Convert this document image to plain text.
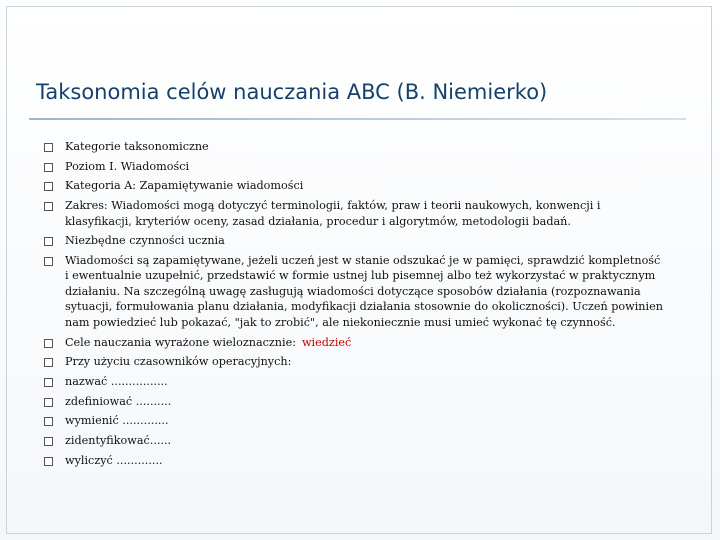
Taksonomia celów nauczania ABC (B. Niemierko)
Kategorie taksonomiczne
Poziom I. Wiadomości
Kategoria A: Zapamiętywanie wiadomości
Zakres: Wiadomości mogą dotyczyć terminologii, faktów, praw i teorii naukowych, konwencji i klasyfikacji, kryteriów oceny, zasad działania, procedur i algorytmów, metodologii badań.
Niezbędne czynności ucznia
Wiadomości są zapamiętywane, jeżeli uczeń jest w stanie odszukać je w pamięci, sprawdzić kompletność i ewentualnie uzupełnić, przedstawić w formie ustnej lub pisemnej albo też wykorzystać w praktycznym działaniu. Na szczególną uwagę zasługują wiadomości dotyczące sposobów działania (rozpoznawania sytuacji, formułowania planu działania, modyfikacji działania stosownie do okoliczności). Uczeń powinien nam powiedzieć lub pokazać, "jak to zrobić", ale niekoniecznie musi umieć wykonać tę czynność.
Cele nauczania wyrażone wieloznacznie: wiedzieć
Przy użyciu czasowników operacyjnych:
nazwać ................
zdefiniować ..........
wymienić .............
zidentyfikować......
wyliczyć .............
